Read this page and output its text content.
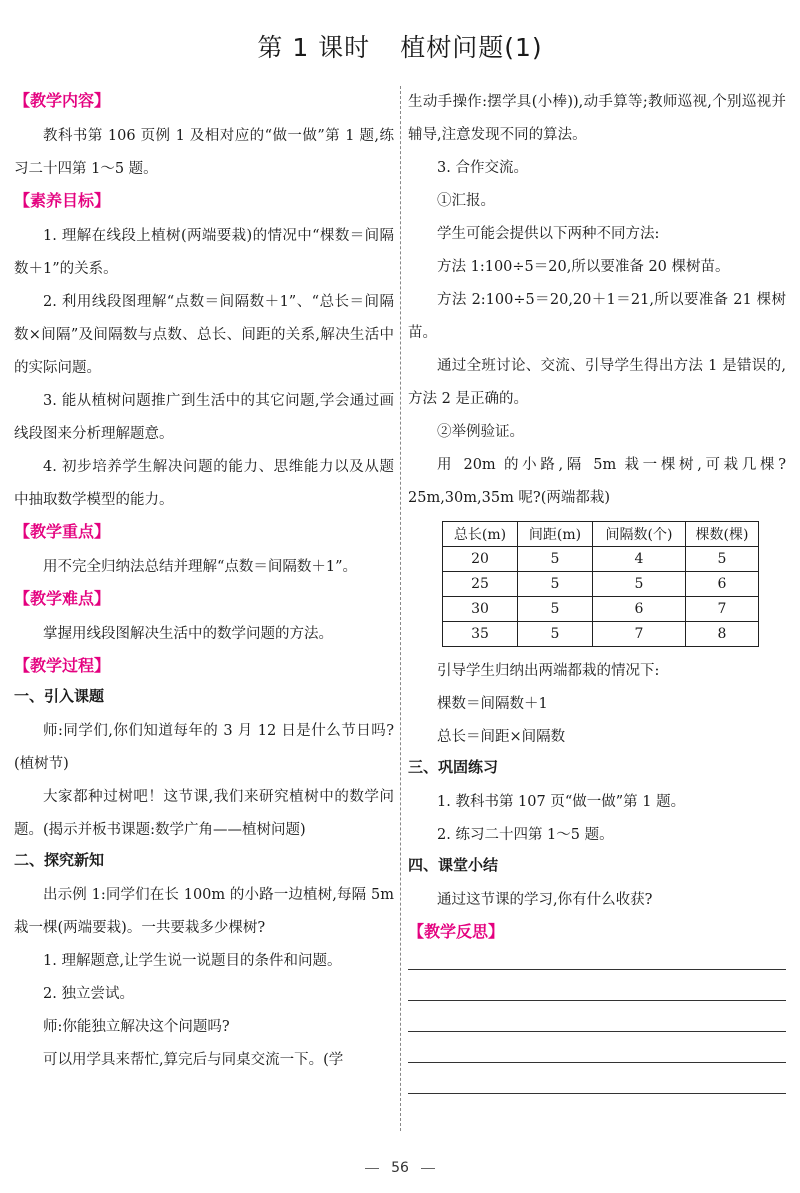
第 1 课时 植树问题(1)
【教学内容】

教科书第 106 页例 1 及相对应的“做一做”第 1 题,练习二十四第 1～5 题。

【素养目标】

1. 理解在线段上植树(两端要栽)的情况中“棵数＝间隔数＋1”的关系。

2. 利用线段图理解“点数＝间隔数＋1”、“总长＝间隔数×间隔”及间隔数与点数、总长、间距的关系,解决生活中的实际问题。

3. 能从植树问题推广到生活中的其它问题,学会通过画线段图来分析理解题意。

4. 初步培养学生解决问题的能力、思维能力以及从题中抽取数学模型的能力。

【教学重点】

用不完全归纳法总结并理解“点数＝间隔数＋1”。

【教学难点】

掌握用线段图解决生活中的数学问题的方法。

【教学过程】
一、引入课题

师:同学们,你们知道每年的 3 月 12 日是什么节日吗?(植树节)

大家都种过树吧！这节课,我们来研究植树中的数学问题。(揭示并板书课题:数学广角——植树问题)

二、探究新知

出示例 1:同学们在长 100m 的小路一边植树,每隔 5m 栽一棵(两端要栽)。一共要栽多少棵树?

1. 理解题意,让学生说一说题目的条件和问题。

2. 独立尝试。

师:你能独立解决这个问题吗?

可以用学具来帮忙,算完后与同桌交流一下。(学

生动手操作:摆学具(小棒)),动手算等;教师巡视,个别巡视并辅导,注意发现不同的算法。

3. 合作交流。

①汇报。

学生可能会提供以下两种不同方法:

方法 1:100÷5＝20,所以要准备 20 棵树苗。

方法 2:100÷5＝20,20＋1＝21,所以要准备 21 棵树苗。

通过全班讨论、交流、引导学生得出方法 1 是错误的,方法 2 是正确的。

②举例验证。

用 20m 的小路,隔 5m 栽一棵树,可栽几棵?25m,30m,35m 呢?(两端都栽)

总长(m)	间距(m)	间隔数(个)	棵数(棵)
20	5	4	5
25	5	5	6
30	5	6	7
35	5	7	8

引导学生归纳出两端都栽的情况下:

棵数＝间隔数＋1

总长＝间距×间隔数

三、巩固练习

1. 教科书第 107 页“做一做”第 1 题。

2. 练习二十四第 1～5 题。

四、课堂小结

通过这节课的学习,你有什么收获?

【教学反思】
56
